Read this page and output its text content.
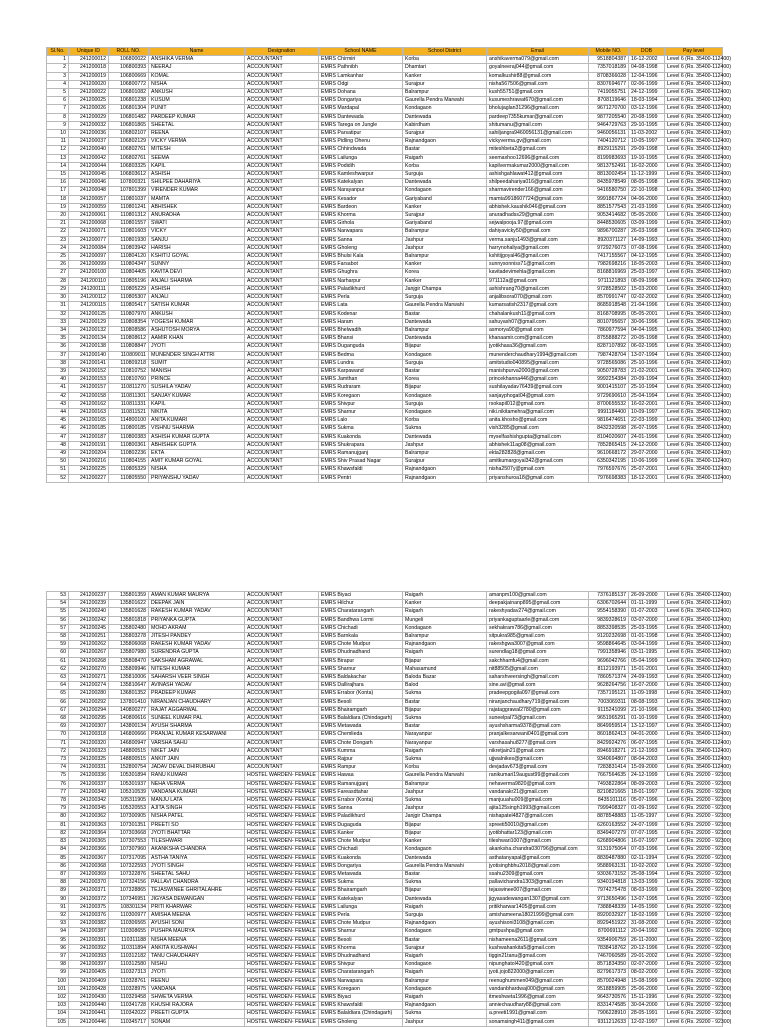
Sl.No.	Unique ID	ROLL NO.	Name	Designation	School NAME	School District	Email	Mobile NO.	DOB	Pay level
1	241200012	106800022	ANSHIKA VERMA	ACCOUNTANT	EMRS Chirmiri	Korba	anshikaverma079@gmail.com	9518804387	16-12-2002	Level 6 (Rs. 35400-112400)
2	241200018	106800393	NEERAJ	ACCOUNTANT	EMRS Pathnibh	Dhamtari	goyalneeraj044@gmail.com	7357018189	04-08-1998	Level 6 (Rs. 35400-112400)
3	241200019	106800669	KOMAL	ACCOUNTANT	EMRS Lamkanhar	Kanker	komalkushir88@gmail.com	8708366028	12-04-1996	Level 6 (Rs. 35400-112400)
4	241200020	106800772	NISHA	ACCOUNTANT	EMRS Odgi	Surajpur	nisha567506@gmail.com	8307694677	02-06-1999	Level 6 (Rs. 35400-112400)
5	241200022	106801082	ANKUSH	ACCOUNTANT	EMRS Dohana	Balrampur	kush55751@gmail.com	7419055751	24-12-1999	Level 6 (Rs. 35400-112400)
6	241200025	106801238	KUSUM	ACCOUNTANT	EMRS Dongariya	Gaurella Pendra Marwahi	kusumeshrawat670@gmail.com	8708119646	18-03-1994	Level 6 (Rs. 35400-112400)
7	241200026	106801304	PUNIT	ACCOUNTANT	EMRS Mardapal	Kondagaon	bholujaglan31296@gmail.com	9671270700	03-12-1996	Level 6 (Rs. 35400-112400)
8	241200029	106801482	PARDEEP KUMAR	ACCOUNTANT	EMRS Dantewada	Dantewada	pardeep7355kumar@gmail.com	9877205540	20-08-1999	Level 6 (Rs. 35400-112400)
9	241200032	106801865	SHEETAL	ACCOUNTANT	EMRS Tarega on Jungle	Kabirdham	shitumanu@gmail.com	9464729763	29-10-1995	Level 6 (Rs. 35400-112400)
10	241200036	106802107	REENA	ACCOUNTANT	EMRS Parsatipur	Surajpur	sahiljangra9460056131@gmail.com	9460056131	11-03-2002	Level 6 (Rs. 35400-112400)
11	241200037	106802129	VICKY VERMA	ACCOUNTANT	EMRS Pidling Ohenu	Rajnandgaon	vickyverma.gv@gmail.com	7404120712	10-05-1997	Level 6 (Rs. 35400-112400)
12	241200040	106802761	MITESH	ACCOUNTANT	EMRS Chhindwada	Bastar	miteshbeta2@gmail.com	8929115291	29-09-1998	Level 6 (Rs. 35400-112400)
13	241200042	106802761	SEEMA	ACCOUNTANT	EMRS Lailunga	Raigarh	seemaxhoo12696@gmail.com	8199983693	19-10-1995	Level 6 (Rs. 35400-112400)
14	241200044	106803325	KAPIL	ACCOUNTANT	EMRS Podidih	Korba	kapilvermakumar2000@gmail.com	9813752491	16-02-2000	Level 6 (Rs. 35400-112400)
15	241200045	106803612	ASHISH	ACCOUNTANT	EMRS Kamleshwarpur	Surguja	ashishgahlawat412@gmail.com	8813002454	11-12-1999	Level 6 (Rs. 35400-112400)
16	241200046	107800321	SHILPEE DAHARIYA	ACCOUNTANT	EMRS Katekalyan	Dantewada	shilpeedahariya016@gmail.com	8435978549	08-05-1998	Level 6 (Rs. 35400-112400)
17	241200048	107801399	VIRENDER KUMAR	ACCOUNTANT	EMRS Narayanpur	Kondagaon	sharmavirender166@gmail.com	9416580750	22-10-1998	Level 6 (Rs. 35400-112400)
18	241200057	110801037	MAMTA	ACCOUNTANT	EMRS Kesador	Gariyaband	mamta9918607724@gmail.com	9991867724	04-06-2000	Level 6 (Rs. 35400-112400)
19	241200059	110801241	ABHISHEK	ACCOUNTANT	EMRS Bardeon	Kanker	abhishek.kaushik046@gmail.com	8851577543	21-03-1999	Level 6 (Rs. 35400-112400)
20	241200061	110801312	ANURADHA	ACCOUNTANT	EMRS Khorma	Surajpur	anuradhadss29@gmail.com	9053414682	05-05-2000	Level 6 (Rs. 35400-112400)
21	241200068	110801557	SWATI	ACCOUNTANT	EMRS Girhola	Gariyaband	sejwalpooja.97@gmail.com	8448530605	03-09-1999	Level 6 (Rs. 35400-112400)
22	241200071	110801603	VICKY	ACCOUNTANT	EMRS Narwapara	Balrampur	dahiyavicky50@gmail.com	9896700287	26-03-1998	Level 6 (Rs. 35400-112400)
23	241200077	110801930	SANJU	ACCOUNTANT	EMRS Sanna	Jashpur	verma.sanju1493@gmail.com	8920371127	14-09-1993	Level 6 (Rs. 35400-112400)
24	241200084	110803942	HARISH	ACCOUNTANT	EMRS Gholeng	Jashpur	harrynohaliya@gmail.com	9729276073	07-08-1996	Level 6 (Rs. 35400-112400)
25	241200097	110804120	KSHITIJ GOYAL	ACCOUNTANT	EMRS Bhulsi Kala	Balrampur	kshitijgoyal46@gmail.com	7417155567	04-12-1995	Level 6 (Rs. 35400-112400)
26	241200099	110804347	SUNNY	ACCOUNTANT	EMRS Farsabot	Kanker	sunnysonniss71@gmail.com	7982698216	18-05-2003	Level 6 (Rs. 35400-112400)
27	241200100	110804405	KAVITA DEVI	ACCOUNTANT	EMRS Ghughra	Korea	kavitadevimehla@gmail.com	8168816969	25-03-1997	Level 6 (Rs. 35400-112400)
28	241200110	110805196	ANJALI SHARMA	ACCOUNTANT	EMRS Narharpur	Kanker	971112a@gmail.com	9711121893	08-09-1998	Level 6 (Rs. 35400-112400)
29	241200111	110805229	ASHISH	ACCOUNTANT	EMRS Paladikhurd	Janjgir Champa	ashishrang70@gmail.com	9728528502	15-03-2000	Level 6 (Rs. 35400-112400)
30	241200112	110805307	ANJALI	ACCOUNTANT	EMRS Perla	Surguja	anjalibsora070@gmail.com	8570991747	02-02-2002	Level 6 (Rs. 35400-112400)
31	241200115	110805417	SATISH KUMAR	ACCOUNTANT	EMRS Lata	Gaurella Pendra Marwahi	kumarsatish2317@gmail.com	8685918548	21-04-1996	Level 6 (Rs. 35400-112400)
32	241200125	110807970	ANKUSH	ACCOUNTANT	EMRS Kodenar	Bastar	chahalankush11@gmail.com	8168708995	05-05-2001	Level 6 (Rs. 35400-112400)
33	241200129	110808354	YOGESH KUMAR	ACCOUNTANT	EMRS Haram	Dantewada	sahuyash07@gmail.com	8010795657	30-06-1996	Level 6 (Rs. 35400-112400)
34	241200132	110808586	ASHUTOSH MORYA	ACCOUNTANT	EMRS Bhelwadih	Balrampur	asmorya90@gmail.com	7860977594	04-04-1995	Level 6 (Rs. 35400-112400)
35	241200134	110808612	AAMIR KHAN	ACCOUNTANT	EMRS Bhansi	Dantewada	khanaamir.com@gmail.com	8755888272	20-05-1998	Level 6 (Rs. 35400-112400)
36	241200138	110808847	JYOTI	ACCOUNTANT	EMRS Duganguda	Bijapur	jyotikhasa36@gmail.com	8287107892	06-02-1995	Level 6 (Rs. 35400-112400)
37	241200140	110809011	MUNENDER SINGH ATTRI	ACCOUNTANT	EMRS Bedma	Kondagaon	munenderchaudhary1994@gmail.com	7987428704	13-07-1994	Level 6 (Rs. 35400-112400)
38	241200141	110809218	SUMIT	ACCOUNTANT	EMRS Lundra	Surguja	amitstudio040895@gmail.com	9728565086	25-10-1996	Level 6 (Rs. 35400-112400)
39	241200152	110810752	MANISH	ACCOUNTANT	EMRS Karpawand	Bastar	manishpurva2000@gmail.com	9050728783	21-02-2001	Level 6 (Rs. 35400-112400)
40	241200153	110810760	PRINCE	ACCOUNTANT	EMRS Jamthan	Korea	princekhanna446@gmail.com	9992254384	20-09-1994	Level 6 (Rs. 35400-112400)
41	241200157	110811270	SUSHILA YADAV	ACCOUNTANT	EMRS Rudraram	Bijapur	sushilayadav76439@gmail.com	9001415107	25-10-1994	Level 6 (Rs. 35400-112400)
42	241200158	110811301	SANJAY KUMAR	ACCOUNTANT	EMRS Koregaon	Kondagaon	sanjayphogat04@gmail.com	9729690610	25-04-1994	Level 6 (Rs. 35400-112400)
43	241200162	110811331	KAPIL	ACCOUNTANT	EMRS Shivpur	Surguja	rsokapil012@gmail.com	8700655532	16-02-2001	Level 6 (Rs. 35400-112400)
44	241200163	110811521	NIKITA	ACCOUNTANT	EMRS Sharnur	Kondagaon	niki.nikitamehra@gmail.com	9991184400	10-09-1997	Level 6 (Rs. 35400-112400)
45	241200165	114800100	ANITA KUMARI	ACCOUNTANT	EMRS Lalo	Korba	anita.khosho@gmail.com	9816474651	22-03-1999	Level 6 (Rs. 35400-112400)
46	241200185	110800185	VISHNU SHARMA	ACCOUNTANT	EMRS Sukma	Sukma	vish3285@gmail.com	8432320598	26-07-1995	Level 6 (Rs. 35400-112400)
47	241200187	110800383	ASHISH KUMAR GUPTA	ACCOUNTANT	EMRS Kuakonda	Dantewada	myselfashishgupta@gmail.com	8104020607	24-01-1996	Level 6 (Rs. 35400-112400)
48	241200191	110800361	ABHISHEK GUPTA	ACCOUNTANT	EMRS Shukrapara	Jashpur	abhishek11ag08@gmail.com	7852865415	24-12-2000	Level 6 (Rs. 35400-112400)
49	241200204	110802236	EKTA	ACCOUNTANT	EMRS Ramanujganj	Balrampur	ekta282828@gmail.com	9610668172	29-07-2000	Level 6 (Rs. 35400-112400)
50	241200216	110804155	AMIT KUMAR GOYAL	ACCOUNTANT	EMRS Shiv Prasad Nagar	Surajpur	amitkumargoyal342@gmail.com	6350342195	10-06-1999	Level 6 (Rs. 35400-112400)
51	241200225	110805329	NISHA	ACCOUNTANT	EMRS Khawsfaldi	Rajnandgaon	nisha2507y@gmail.com	7976597676	25-07-2001	Level 6 (Rs. 35400-112400)
52	241200227	110805550	PRIYANSHU YADAV	ACCOUNTANT	EMRS Pentri	Rajnandgaon	priyanshuroa18@gmail.com	7976698383	18-12-2001	Level 6 (Rs. 35400-112400)
53	241200237	135801359	AMAN KUMAR MAURYA	ACCOUNTANT	EMRS Biyaci	Raigarh	amanpm100@gmail.com	7376185137	26-09-2000	Level 6 (Rs. 35400-112400)
54	241200239	135801622	DEEPAK JAIN	ACCOUNTANT	EMRS Hilchur	Kanker	deepakjainanp895@gmail.com	6306702644	01-11-1999	Level 6 (Rs. 35400-112400)
55	241200240	135801628	RAKESH KUMAR YADAV	ACCOUNTANT	EMRS Charatarangarh	Raigarh	rakeshyadav274@gmail.com	9554158390	01-07-2003	Level 6 (Rs. 35400-112400)
56	241200242	135801818	PRIYANKA GUPTA	ACCOUNTANT	EMRS Bandhwa Lormi	Mungeli	priyankaguptaarle@gmail.com	9839328619	03-07-2000	Level 6 (Rs. 35400-112400)
57	241200245	135802480	MOHD AKRAM	ACCOUNTANT	EMRS Chichadi	Kondagaon	sekhakram786@gmail.com	8853398535	25-03-1995	Level 6 (Rs. 35400-112400)
58	241200251	135803278	JITESH PANDEY	ACCOUNTANT	EMRS Barnkala	Balrampur	sitpukra985@gmail.com	9120232698	01-01-1998	Level 6 (Rs. 35400-112400)
59	241200262	135806068	RAKESH KUMAR YADAV	ACCOUNTANT	EMRS Chote Mudpur	Rajnandgaon	rakeshgwa3007@gmail.com	9598864645	03-04-1999	Level 6 (Rs. 35400-112400)
60	241200267	135807980	SURENDRA GUPTA	ACCOUNTANT	EMRS Dhudnadhand	Raigarh	surendlag18@gmail.com	7991358946	03-11-1995	Level 6 (Rs. 35400-112400)
61	241200268	135808470	SAKSHAM AGRAWAL	ACCOUNTANT	EMRS Birapur	Bijapur	sakchhamfu4@gmail.com	9696042766	05-04-1999	Level 6 (Rs. 35400-112400)
62	241200270	135809946	NITESH KUMAR	ACCOUNTANT	EMRS Sharnur	Mahasamund	nit88505@gmail.com	8112193971	15-01-2001	Level 6 (Rs. 35400-112400)
63	241200271	135810006	SAHARSH VEER SINGH	ACCOUNTANT	EMRS Baldakachar	Baloda Bazar	saharshveersingh@gmail.com	7860571374	24-09-1993	Level 6 (Rs. 35400-112400)
64	241200274	135810647	AVINASH YADAV	ACCOUNTANT	EMRS Dallirajhara	Balod	sine.avi@gmail.com	9628264756	16-07-2000	Level 6 (Rs. 35400-112400)
65	241200280	136801352	PRADEEP KUMAR	ACCOUNTANT	EMRS Errabor (Konta)	Sukma	pradeepgogila097@gmail.com	7357195121	11-09-1998	Level 6 (Rs. 35400-112400)
66	241200292	137801410	NIRANJAN CHAUDHARY	ACCOUNTANT	EMRS Besoli	Bastar	niranjanchaudhary719@gmail.com	7003069311	08-08-1993	Level 6 (Rs. 35400-112400)
67	241200294	140800277	RAJAT AGGARWAL	ACCOUNTANT	EMRS Bhairamgarh	Bijapur	rajataggrawal2780@gmail.com	9115241099	21-10-1996	Level 6 (Rs. 35400-112400)
68	241200295	140800616	SUNEEL KUMAR PAL	ACCOUNTANT	EMRS Balaldiara (Chindagarh)	Sukma	suneelpal73@gmail.com	9651965291	01-10-1999	Level 6 (Rs. 35400-112400)
69	241200307	143800134	AYUSH SHARMA	ACCOUNTANT	EMRS Metawada	Bastar	ayushsharma9378@gmail.com	8649959514	13-12-1997	Level 6 (Rs. 35400-112400)
70	241200318	146800666	PRANJAL KUMAR KESARWANI	ACCOUNTANT	EMRS Chemlieda	Narayanpur	pranjalkesarwani0401@gmail.com	8601862413	04-01-2000	Level 6 (Rs. 35400-112400)
71	241200320	146800947	VARSHA SAHU	ACCOUNTANT	EMRS Chote Dongarh	Narayanpur	varshasahu8277@gmail.com	8429924276	06-07-1995	Level 6 (Rs. 35400-112400)
72	241200323	148800515	NIKET JAIN	ACCOUNTANT	EMRS Kumma	Raigarh	nikretjain21@gmail.com	8946918271	21-12-1993	Level 6 (Rs. 35400-112400)
73	241200325	148800515	ANKIT JAIN	ACCOUNTANT	EMRS Rajpur	Sukma	ujjwalnikes@gmail.com	9340694807	08-04-2003	Level 6 (Rs. 35400-112400)
74	241200331	152800754	JADAV DEVAL DHIRUBHAI	ACCOUNTANT	EMRS Rampur	Korba	devjadav673@gmail.com	7283831414	15-09-2000	Level 6 (Rs. 35400-112400)
75	241200336	105301894	RANU KUMARI	HOSTEL WARDEN- FEMALE	EMRS Hawaa	Gaurella Pendra Marwahi	ranikumari19august99@gmail.com	7667564635	24-12-1999	Level 6 (Rs. 29200 - 92300)
76	241200337	105301937	NEHA VERMA	HOSTEL WARDEN- FEMALE	EMRS Ramanujganj	Balrampur	nehaverma9820@gmail.com	7493822864	08-09-2003	Level 6 (Rs. 29200 - 92300)
77	241200340	105310539	VANDANA KUMARI	HOSTEL WARDEN- FEMALE	EMRS Fareasdtahar	Jashpur	vandanakr21@gmail.com	8210821665	18-01-1997	Level 6 (Rs. 29200 - 92300)
78	241200342	105311905	MANJU LATA	HOSTEL WARDEN- FEMALE	EMRS Errabor (Konta)	Sukma	manjuuahu009@gmail.com	8435101116	05-07-1996	Level 6 (Rs. 29200 - 92300)
79	241200345	105320553	AJITA SINGH	HOSTEL WARDEN- FEMALE	EMRS Sanna	Jashpur	ajita125singh1993@gmail.com	7999408327	01-09-1992	Level 6 (Rs. 29200 - 92300)
80	241200362	107300905	NISHA PATEL	HOSTEL WARDEN- FEMALE	EMRS Paladikhurd	Janjgir Champa	nishapatel4827@gmail.com	8878548883	11-05-1997	Level 6 (Rs. 29200 - 92300)
81	241200363	107301351	PREETI SO	HOSTEL WARDEN- FEMALE	EMRS Dugaguda	Bijapur	spreeti50010@gmail.com	6260163552	24-07-1999	Level 6 (Rs. 29200 - 92300)
82	241200364	107303668	JYOTI BHATTAR	HOSTEL WARDEN- FEMALE	EMRS Kanker	Bijapur	jyotibhattar123@gmail.com	8349407279	07-07-1995	Level 6 (Rs. 29200 - 92300)
83	241200365	107307553	TILESHWARI	HOSTEL WARDEN- FEMALE	EMRS Chote Mudpur	Kanker	tileshwari1007@gmail.com	6268904806	16-07-1997	Level 6 (Rs. 29200 - 92300)
84	241200366	107307960	AKANKSHA CHANDRA	HOSTEL WARDEN- FEMALE	EMRS Chichadi	Kondagaon	akanksha.chandra030796@gmail.com	9131975064	07-03-1996	Level 6 (Rs. 29200 - 92300)
85	241200367	107317095	ASTHA TANIYA	HOSTEL WARDEN- FEMALE	EMRS Kuakonda	Dantewada	asthatanyapal@gmail.com	8839487880	02-11-1994	Level 6 (Rs. 29200 - 92300)
86	241200368	107322593	JYOTI SINGH	HOSTEL WARDEN- FEMALE	EMRS Dongariya	Gaurella Pendra Marwahi	jyotisinghbhu2018@gmail.com	9588963131	10-02-2002	Level 6 (Rs. 29200 - 92300)
87	241200369	107322876	SHEETAL SAHU	HOSTEL WARDEN- FEMALE	EMRS Metawada	Bastar	ssahu2309@gmail.com	9303673152	25-08-1994	Level 6 (Rs. 29200 - 92300)
88	241200370	107324156	PALLAVI CHANDRA	HOSTEL WARDEN- FEMALE	EMRS Sukma	Sukma	pallavichandra1303@gmail.com	9340194818	13-03-1999	Level 6 (Rs. 29200 - 92300)
89	241200371	107328865	TEJASWINEE GHRITALAHRE	HOSTEL WARDEN- FEMALE	EMRS Bhairamgarh	Bijapur	tejaswinee007@gmail.com	7974275478	08-03-1999	Level 6 (Rs. 29200 - 92300)
90	241200372	107346951	JIGYASA DEWANGAN	HOSTEL WARDEN- FEMALE	EMRS Katekalyan	Dantewada	jigyasadewangan1307@gmail.com	9713650496	13-07-1995	Level 6 (Rs. 29200 - 92300)
91	241200375	108301134	PRITI KHARWAR	HOSTEL WARDEN- FEMALE	EMRS Lailunga	Raigarh	pritikharwar1405@gmail.com	7388848339	14-05-1990	Level 6 (Rs. 29200 - 92300)
92	241200376	110300977	AMISHA MEENA	HOSTEL WARDEN- FEMALE	EMRS Perla	Surguja	amishameena18021999@gmail.com	8920032927	18-02-1999	Level 6 (Rs. 29200 - 92300)
93	241200382	110306565	AYUSHI SONI	HOSTEL WARDEN- FEMALE	EMRS Chote Mudpur	Rajnandgaon	ayushisoni3108@gmail.com	8929451922	31-08-2000	Level 6 (Rs. 29200 - 92300)
94	241200387	110308655	PUSHPA MAURYA	HOSTEL WARDEN- FEMALE	EMRS Sharnur	Kondagaon	gmtpushpa@gmail.com	8700691112	20-04-1992	Level 6 (Rs. 29200 - 92300)
95	241200391	110311188	NISHA MEENA	HOSTEL WARDEN- FEMALE	EMRS Besoli	Bastar	nishameena2611@gmail.com	9354906759	26-11-2000	Level 6 (Rs. 29200 - 92300)
96	241200392	110311894	ANKITA KUSHWAH	HOSTEL WARDEN- FEMALE	EMRS Khorma	Surajpur	kushwahankita5@gmail.com	7838418762	20-12-1996	Level 6 (Rs. 29200 - 92300)
97	241200393	110312182	TANU CHAUDHARY	HOSTEL WARDEN- FEMALE	EMRS Dhudnadhand	Raigarh	tiggin21tanu@gmail.com	7467060589	29-01-2002	Level 6 (Rs. 29200 - 92300)
98	241200397	110312580	NISHU	HOSTEL WARDEN- FEMALE	EMRS Shivpur	Kondagaon	nipunghatol420@gmail.com	8571834350	02-07-2000	Level 6 (Rs. 29200 - 92300)
99	241200405	110327313	JYOTI	HOSTEL WARDEN- FEMALE	EMRS Charatarangarh	Raigarh	jyoti.jojo822000@gmail.com	8279617373	08-02-2000	Level 6 (Rs. 29200 - 92300)
100	241200409	110328761	REENU	HOSTEL WARDEN- FEMALE	EMRS Narwapara	Balrampur	reenughummen049@gmail.com	8570024948	15-08-1999	Level 6 (Rs. 29200 - 92300)
101	241200428	110328975	VANDANA	HOSTEL WARDEN- FEMALE	EMRS Koregaon	Kondagaon	vandanbhardwaj000@gmail.com	9518859905	25-06-2000	Level 6 (Rs. 29200 - 92300)
102	241200430	110329458	SHWETA VERMA	HOSTEL WARDEN- FEMALE	EMRS Biyaci	Raigarh	itmeshweta1996@gmail.com	9643730576	15-11-1996	Level 6 (Rs. 29200 - 92300)
103	241200440	110341728	KHUSHI RAJORA	HOSTEL WARDEN- FEMALE	EMRS Khawsfaldi	Rajnandgaon	anniechaudhary88@gmail.com	8331474585	30-04-2000	Level 6 (Rs. 29200 - 92300)
104	241200441	110342022	PREETI GUPTA	HOSTEL WARDEN- FEMALE	EMRS Balaldiara (Chindagarh)	Sukma	a.preeti1991@gmail.com	7906228910	28-05-1991	Level 6 (Rs. 29200 - 92300)
105	241200446	110345717	SONAM	HOSTEL WARDEN- FEMALE	EMRS Gholeng	Jashpur	sonamsingh411@gmail.com	9311212633	12-02-1997	Level 6 (Rs. 29200 - 92300)
